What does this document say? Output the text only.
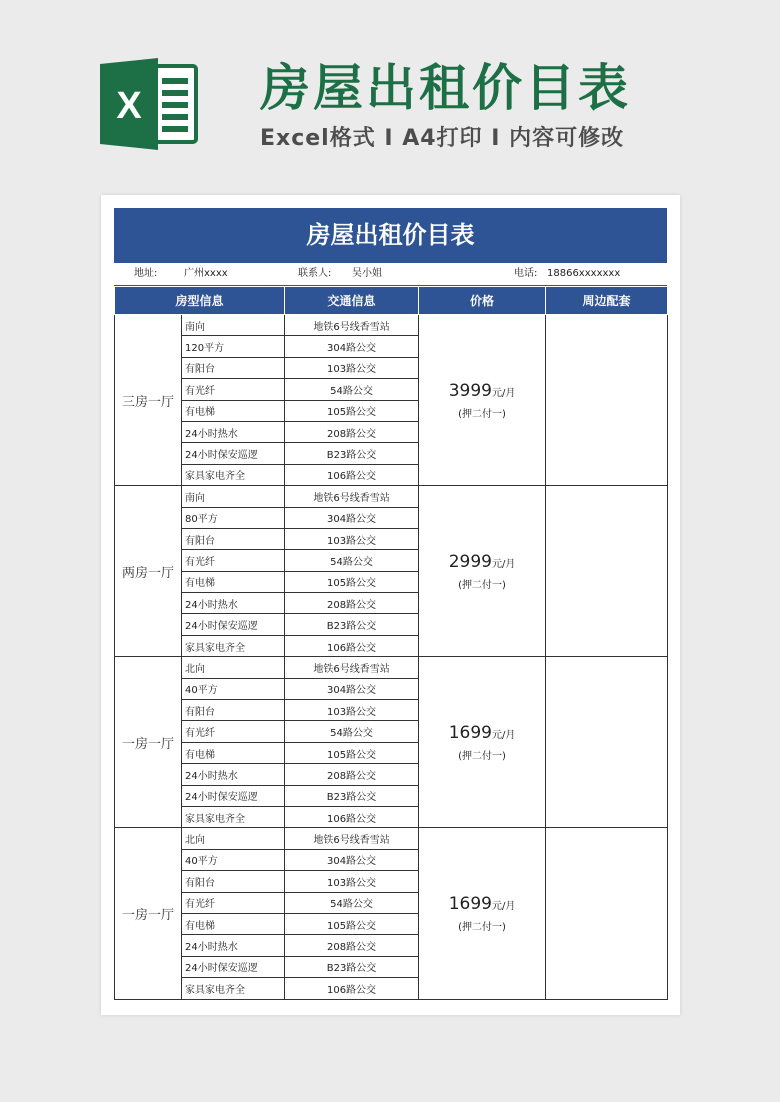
X 房屋出租价目表
Excel格式 I A4打印 I 内容可修改
房屋出租价目表
地址:	广州xxxx	联系人: 吴小姐	电话: 18866xxxxxxx
房型信息		交通信息	价格	周边配套
三房一厅	南向	地铁6号线香雪站	3999元/月
(押二付一)	

	120平方	304路公交		
	有阳台	103路公交		
	有光纤	54路公交		
	有电梯	105路公交		
	24小时热水	208路公交		
	24小时保安巡逻	B23路公交		
	家具家电齐全	106路公交		
两房一厅	南向	地铁6号线香雪站	2999元/月
(押二付一)	

	80平方	304路公交		
	有阳台	103路公交		
	有光纤	54路公交		
	有电梯	105路公交		
	24小时热水	208路公交		
	24小时保安巡逻	B23路公交		
	家具家电齐全	106路公交		
一房一厅	北向	地铁6号线香雪站	1699元/月
(押二付一)	

	40平方	304路公交		
	有阳台	103路公交		
	有光纤	54路公交		
	有电梯	105路公交		
	24小时热水	208路公交		
	24小时保安巡逻	B23路公交		
	家具家电齐全	106路公交		
一房一厅	北向	地铁6号线香雪站	1699元/月
(押二付一)	

	40平方	304路公交		
	有阳台	103路公交		
	有光纤	54路公交		
	有电梯	105路公交		
	24小时热水	208路公交		
	24小时保安巡逻	B23路公交		
	家具家电齐全	106路公交		
